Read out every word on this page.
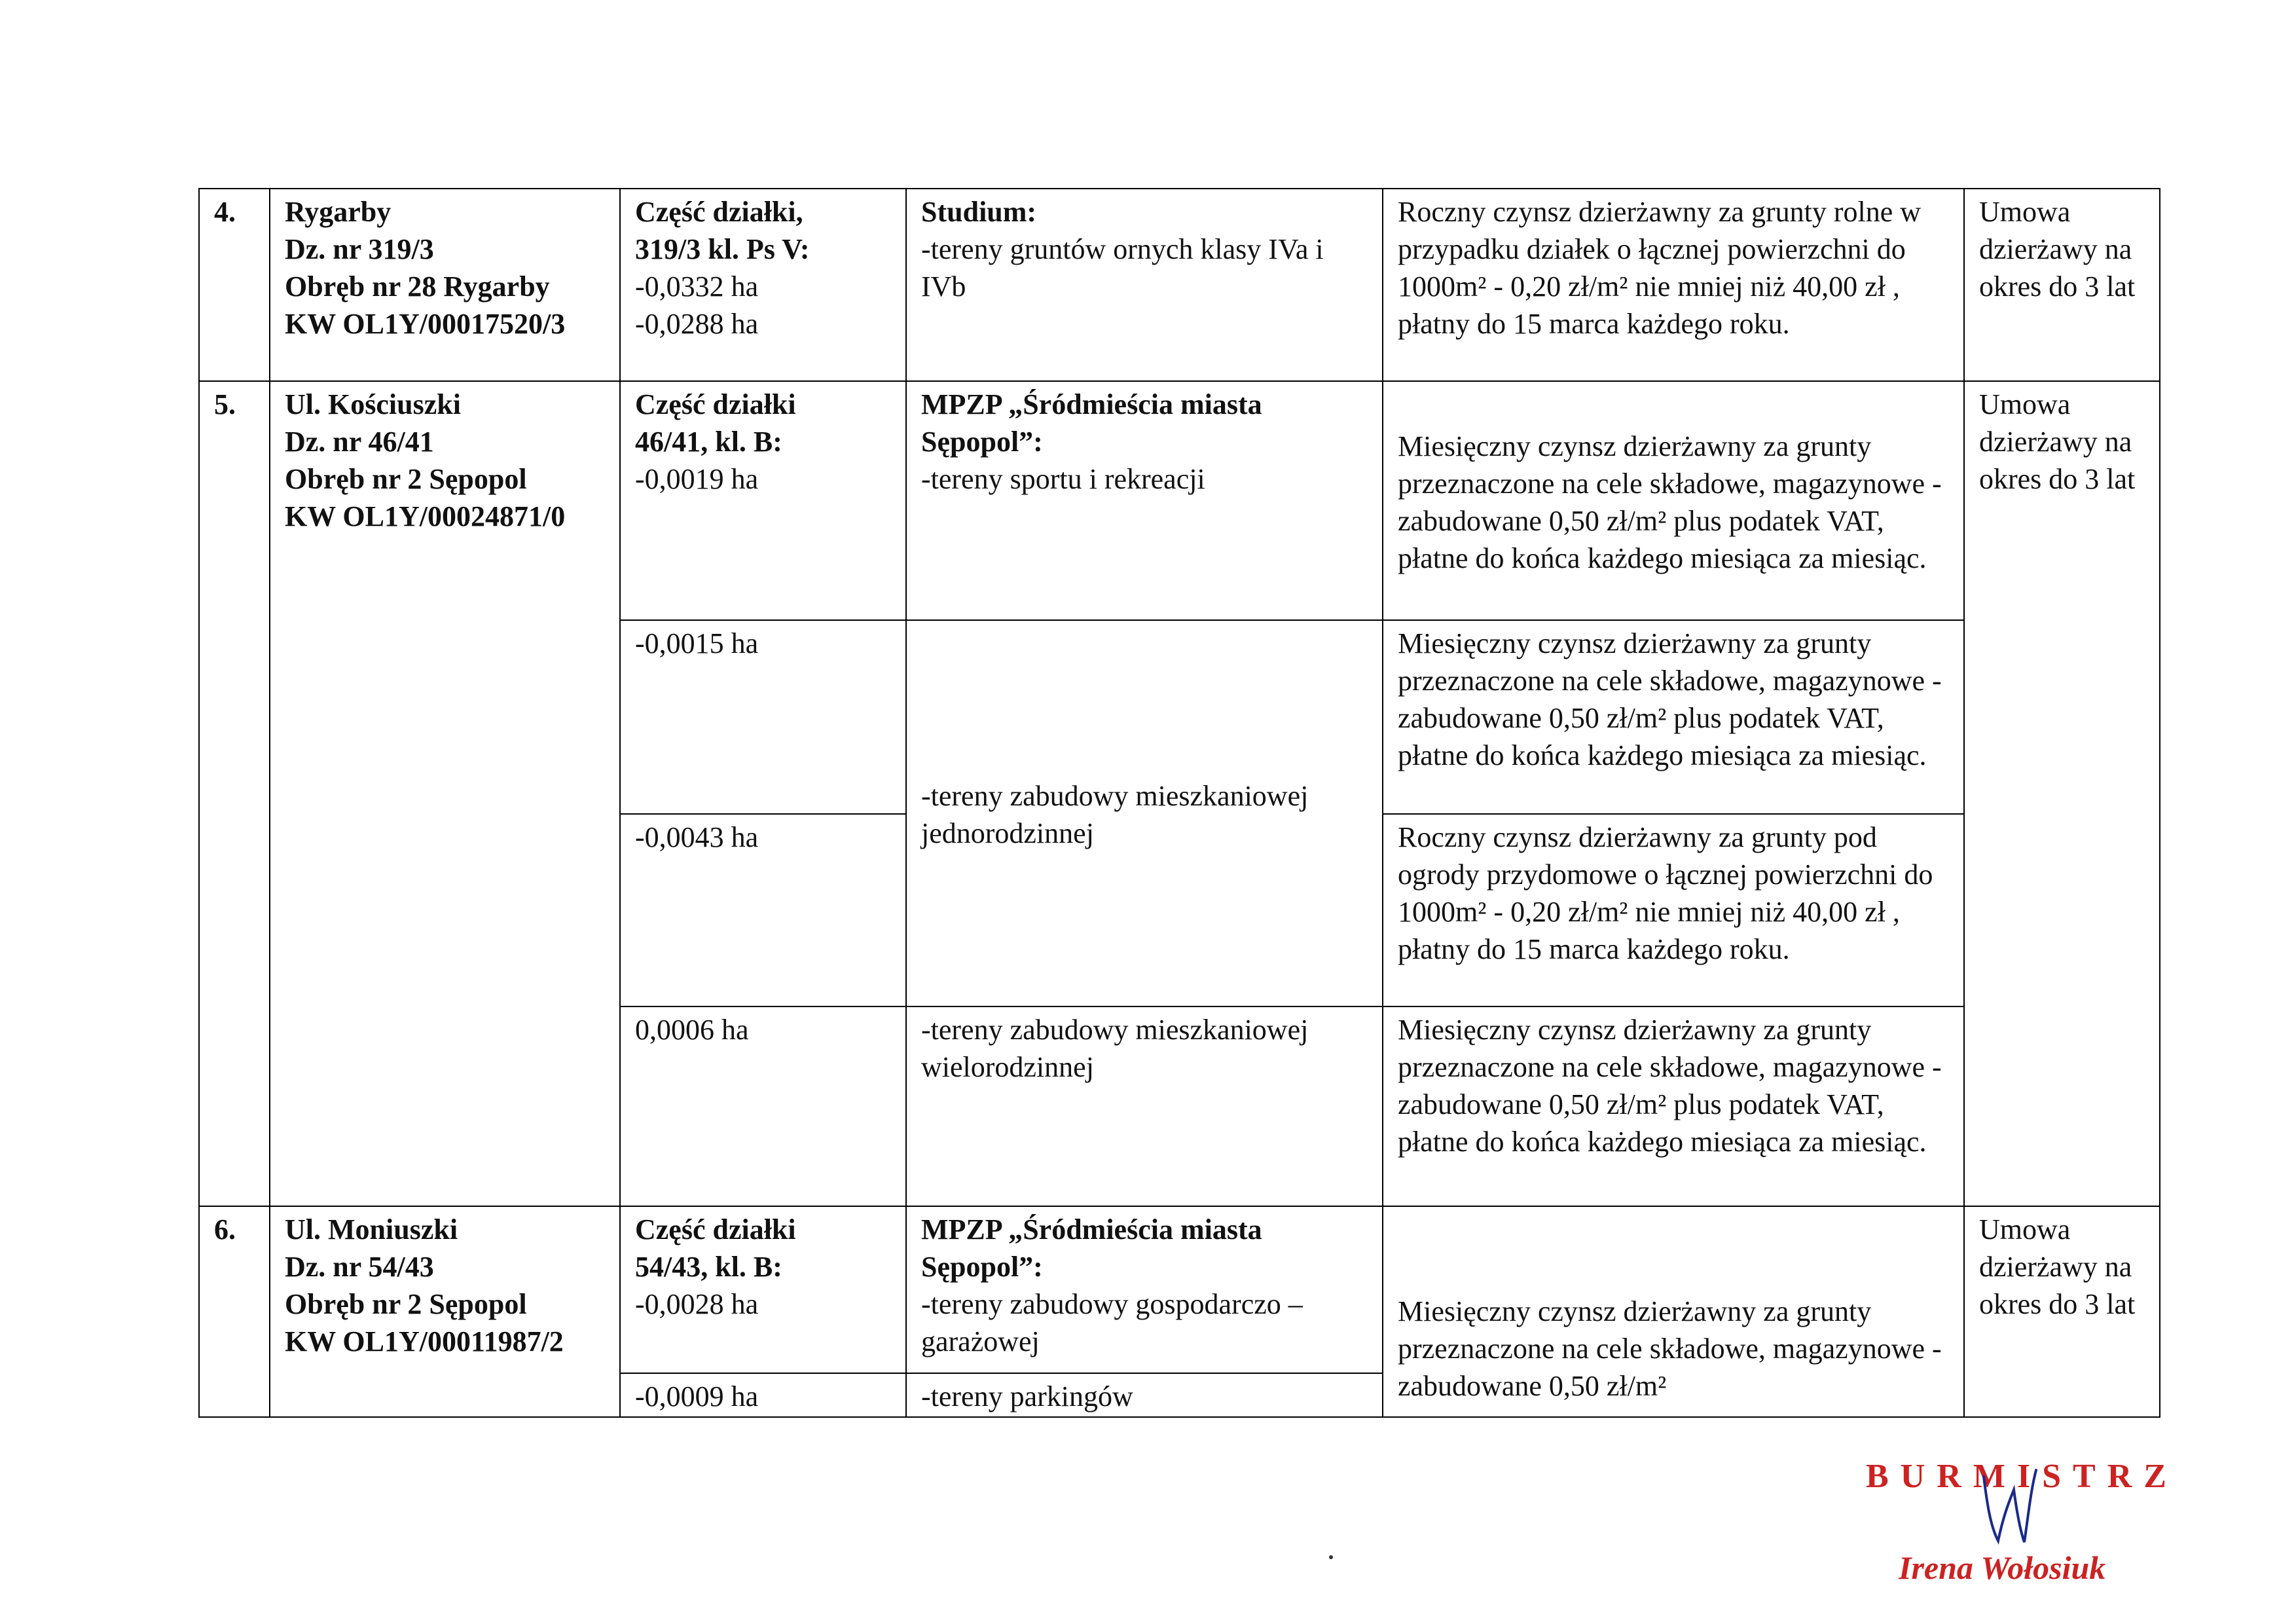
4.	Rygarby
Dz. nr 319/3
Obręb nr 28 Rygarby
KW OL1Y/00017520/3	Część działki,
319/3 kl. Ps V:
-0,0332 ha
-0,0288 ha	Studium:
-tereny gruntów ornych klasy IVa i IVb	Roczny czynsz dzierżawny za grunty rolne w przypadku działek o łącznej powierzchni do 1000m² - 0,20 zł/m² nie mniej niż 40,00 zł , płatny do 15 marca każdego roku.	Umowa dzierżawy na okres do 3 lat
5.	Ul. Kościuszki
Dz. nr 46/41
Obręb nr 2 Sępopol
KW OL1Y/00024871/0	Część działki
46/41, kl. B:
-0,0019 ha	MPZP „Śródmieścia miasta Sępopol”:
-tereny sportu i rekreacji	Miesięczny czynsz dzierżawny za grunty przeznaczone na cele składowe, magazynowe - zabudowane 0,50 zł/m² plus podatek VAT, płatne do końca każdego miesiąca za miesiąc.	Umowa dzierżawy na okres do 3 lat
		-0,0015 ha	-tereny zabudowy mieszkaniowej jednorodzinnej	Miesięczny czynsz dzierżawny za grunty przeznaczone na cele składowe, magazynowe - zabudowane 0,50 zł/m² plus podatek VAT, płatne do końca każdego miesiąca za miesiąc.	

		-0,0043 ha		Roczny czynsz dzierżawny za grunty pod ogrody przydomowe o łącznej powierzchni do 1000m² - 0,20 zł/m² nie mniej niż 40,00 zł , płatny do 15 marca każdego roku.	

		0,0006 ha	-tereny zabudowy mieszkaniowej wielorodzinnej	Miesięczny czynsz dzierżawny za grunty przeznaczone na cele składowe, magazynowe - zabudowane 0,50 zł/m² plus podatek VAT, płatne do końca każdego miesiąca za miesiąc.	

6.	Ul. Moniuszki
Dz. nr 54/43
Obręb nr 2 Sępopol
KW OL1Y/00011987/2	Część działki
54/43, kl. B:
-0,0028 ha	MPZP „Śródmieścia miasta Sępopol”:
-tereny zabudowy gospodarczo – garażowej	Miesięczny czynsz dzierżawny za grunty przeznaczone na cele składowe, magazynowe - zabudowane 0,50 zł/m²	Umowa dzierżawy na okres do 3 lat
		-0,0009 ha	-tereny parkingów		
BURMISTRZ
Irena Wołosiuk
